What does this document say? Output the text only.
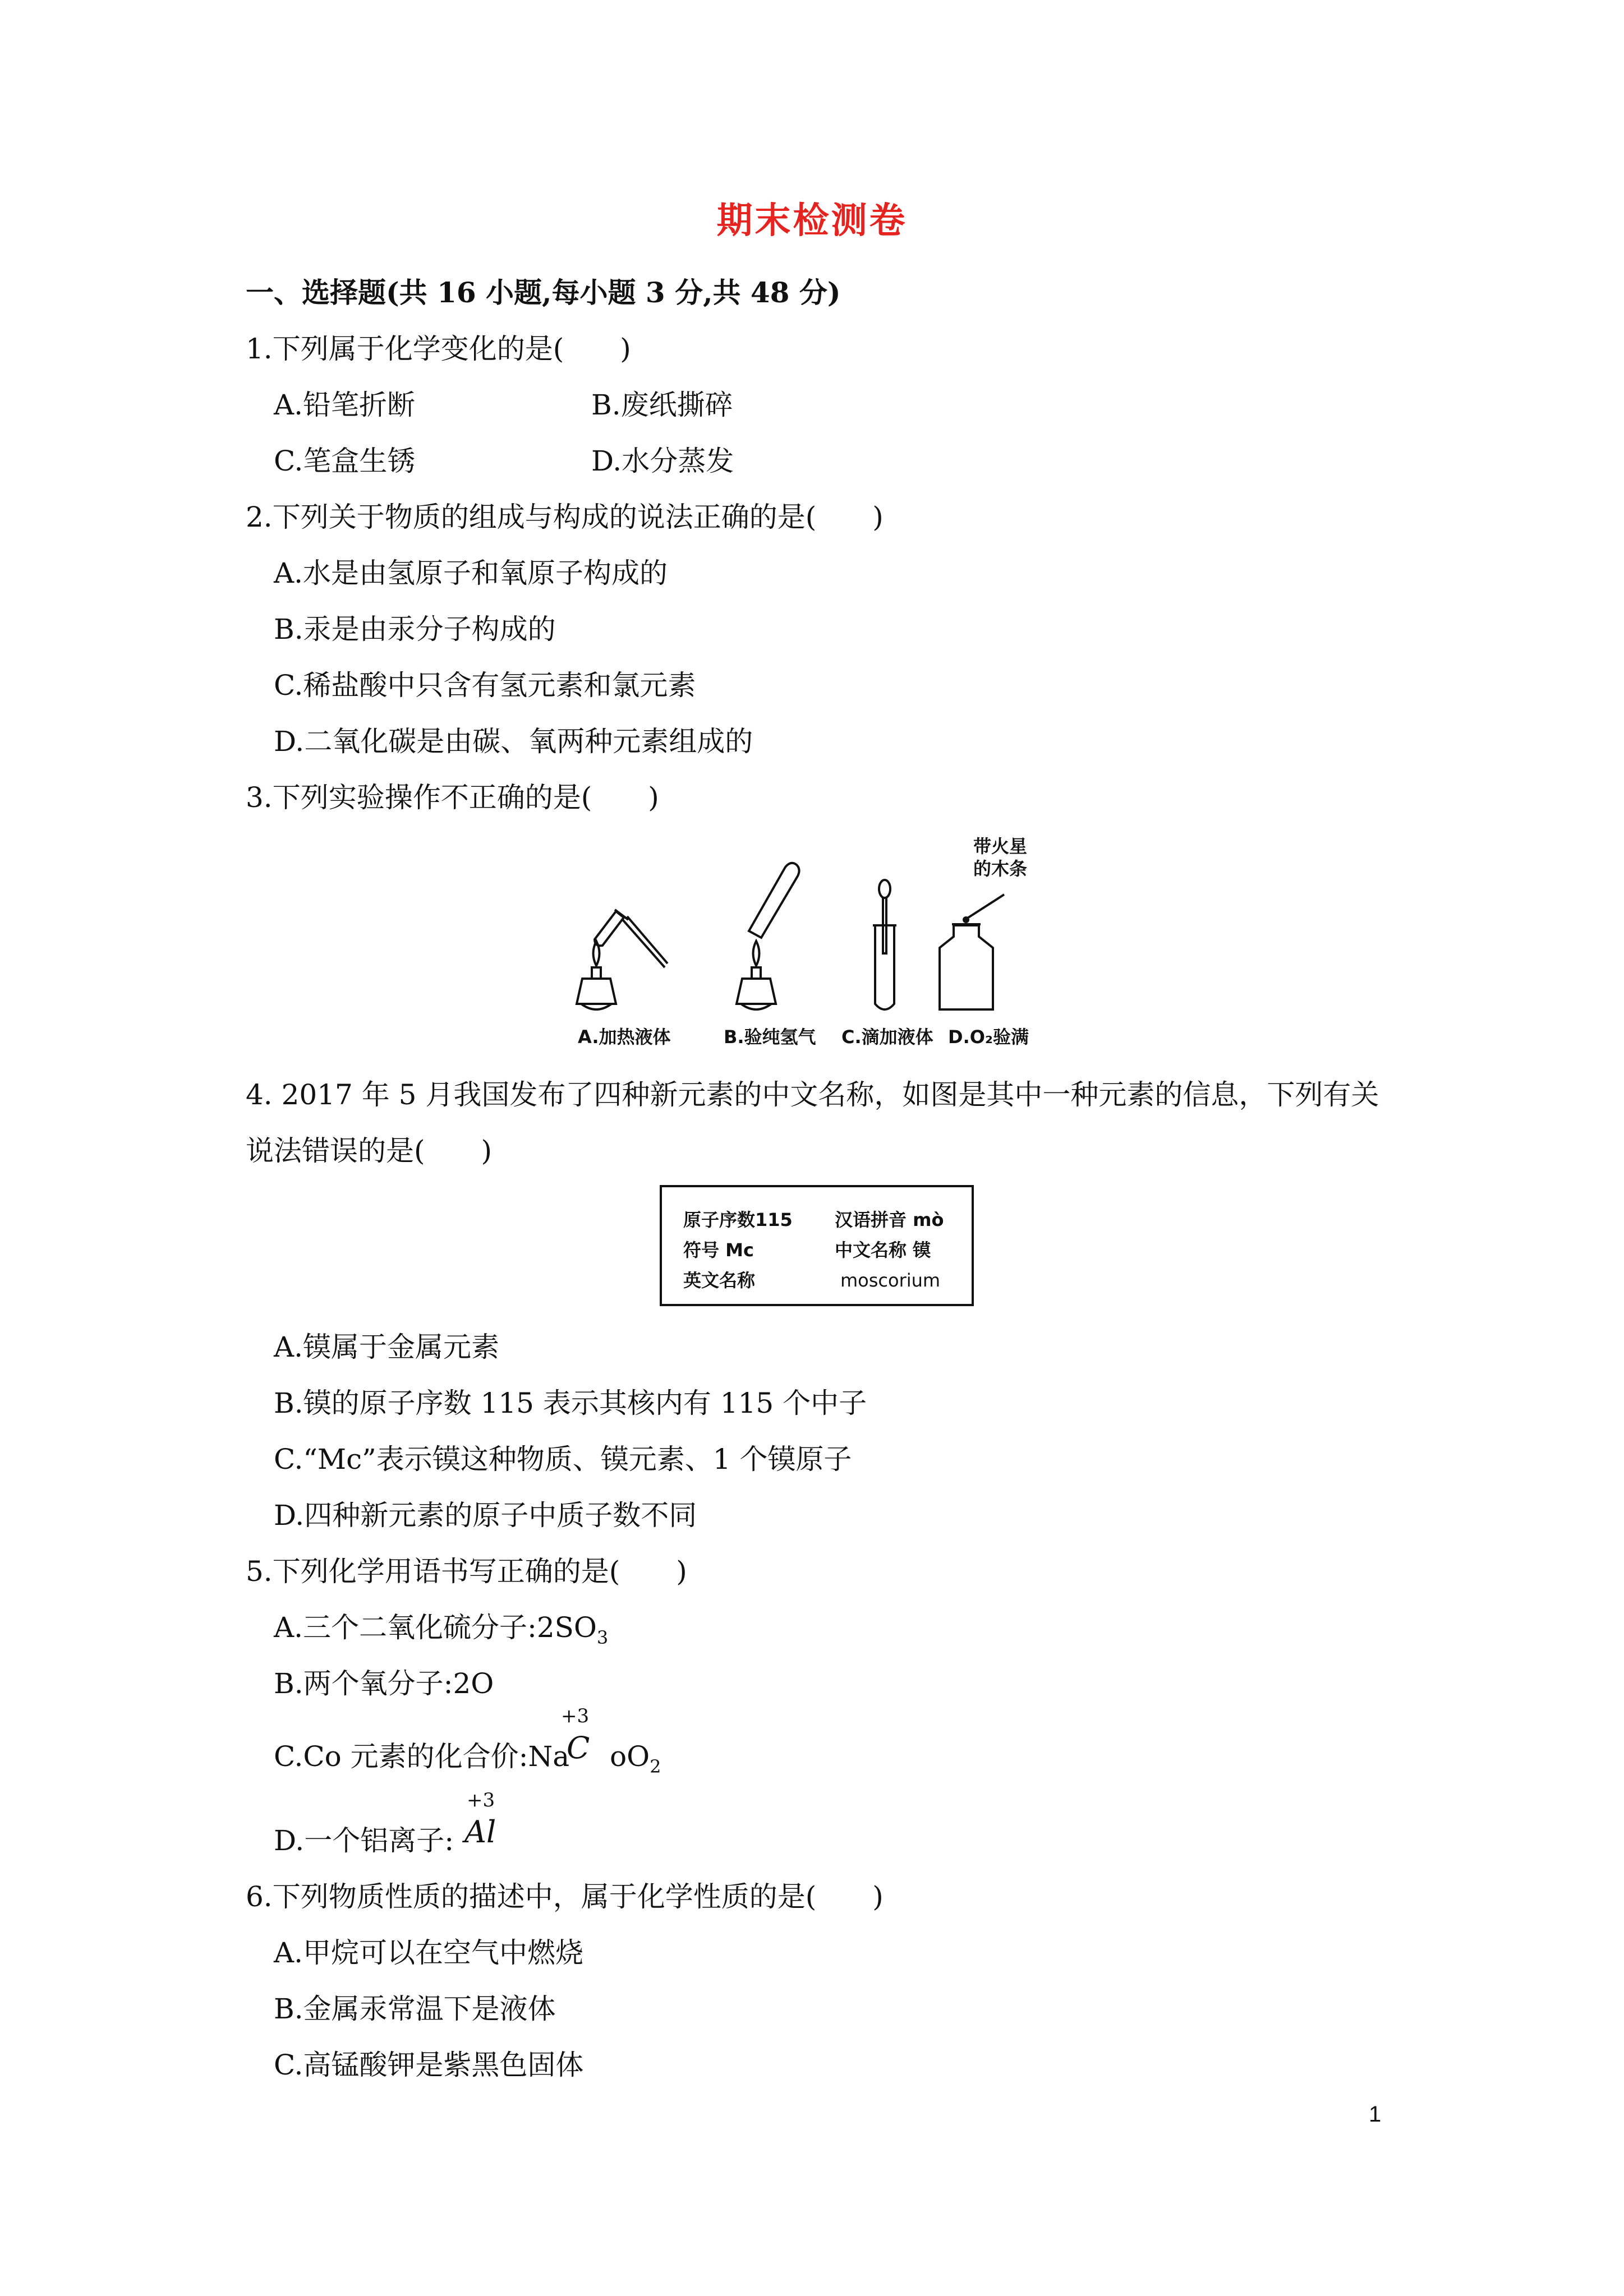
期末检测卷
一、选择题(共 16 小题,每小题 3 分,共 48 分)
1.下列属于化学变化的是(　　)
A.铅笔折断	B.废纸撕碎
C.笔盒生锈	D.水分蒸发
2.下列关于物质的组成与构成的说法正确的是(　　)
A.水是由氢原子和氧原子构成的
B.汞是由汞分子构成的
C.稀盐酸中只含有氢元素和氯元素
D.二氧化碳是由碳、氧两种元素组成的
3.下列实验操作不正确的是(　　)
A.加热液体	B.验纯氢气 C.滴加液体 D.O₂验满
带火星
的木条
4. 2017 年 5 月我国发布了四种新元素的中文名称，如图是其中一种元素的信息，下列有关
说法错误的是(　　)
原子序数115 汉语拼音 mò
符号 Mc	中文名称 镆
英文名称	moscorium
A.镆属于金属元素
B.镆的原子序数 115 表示其核内有 115 个中子
C.“Mc”表示镆这种物质、镆元素、1 个镆原子
D.四种新元素的原子中质子数不同
5.下列化学用语书写正确的是(　　)
A.三个二氧化硫分子$:2SO_3$
B.两个氧分子:2O
C.Co 元素的化合价:Na $oO_2$
+3
C
D.一个铝离子:
+3
Al
6.下列物质性质的描述中，属于化学性质的是(　　)
A.甲烷可以在空气中燃烧
B.金属汞常温下是液体
C.高锰酸钾是紫黑色固体
1
